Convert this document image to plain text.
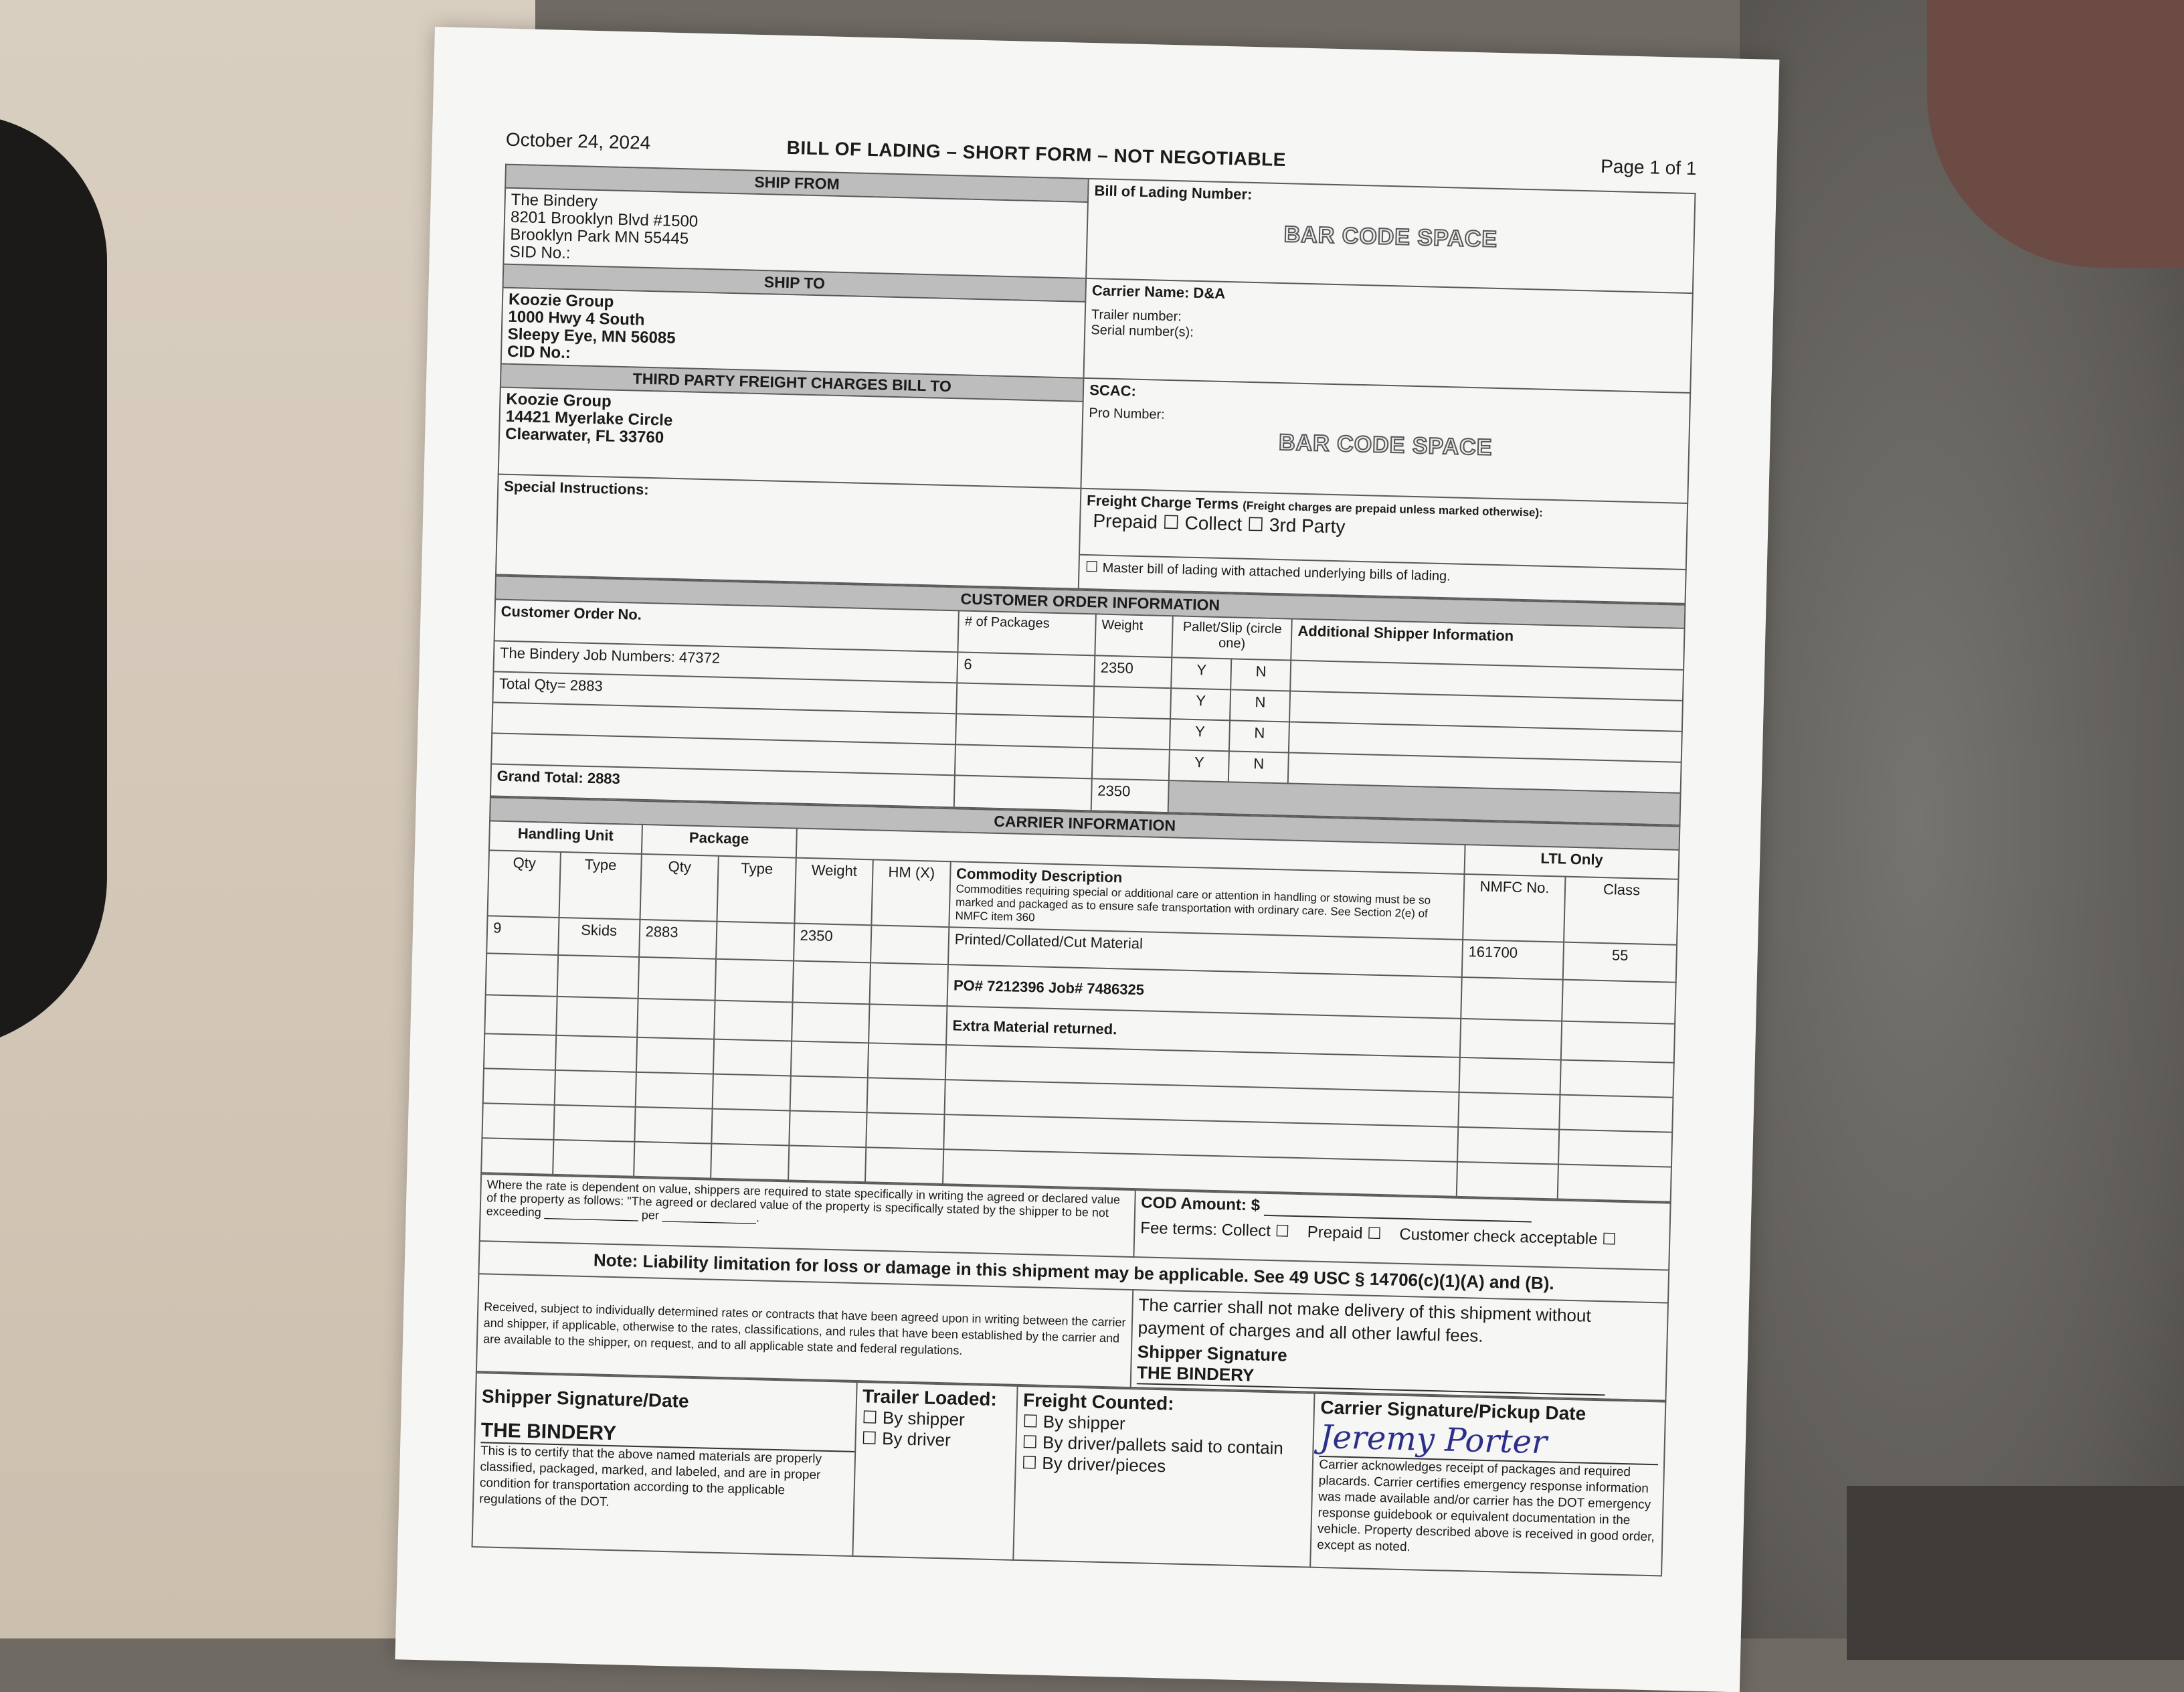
October 24, 2024	BILL OF LADING – SHORT FORM – NOT NEGOTIABLE	Page 1 of 1
SHIP FROM	Bill of Lading Number:
BAR CODE SPACE

The Bindery
8201 Brooklyn Blvd #1500
Brooklyn Park MN 55445
SID No.:	

SHIP TO	Carrier Name: D&A
Trailer number:
Serial number(s):

Koozie Group
1000 Hwy 4 South
Sleepy Eye, MN 56085
CID No.:	

THIRD PARTY FREIGHT CHARGES BILL TO	SCAC:
Pro Number:
BAR CODE SPACE

Koozie Group
14421 Myerlake Circle
Clearwater, FL 33760	

Special Instructions:	Freight Charge Terms (Freight charges are prepaid unless marked otherwise):
Prepaid ☐ Collect ☐ 3rd Party

	☐ Master bill of lading with attached underlying bills of lading.
CUSTOMER ORDER INFORMATION					
Customer Order No.	# of Packages	Weight	Pallet/Slip (circle one)		Additional Shipper Information
The Bindery Job Numbers: 47372	6	2350	Y	N	
Total Qty= 2883			Y	N	
			Y	N	
			Y	N	
Grand Total: 2883		2350			
CARRIER INFORMATION								
Handling Unit		Package					LTL Only	
Qty	Type	Qty	Type	Weight	HM (X)	Commodity Description
Commodities requiring special or additional care or attention in handling or stowing must be so marked and packaged as to ensure safe transportation with ordinary care. See Section 2(e) of NMFC item 360	NMFC No.	Class
9	Skids	2883		2350		Printed/Collated/Cut Material	161700	55
						PO# 7212396 Job# 7486325		
						Extra Material returned.		

Where the rate is dependent on value, shippers are required to state specifically in writing the agreed or declared value of the property as follows: "The agreed or declared value of the property is specifically stated by the shipper to be not exceeding ______________ per ______________.	COD Amount: $
Fee terms: Collect ☐ Prepaid ☐ Customer check acceptable ☐

Note: Liability limitation for loss or damage in this shipment may be applicable. See 49 USC § 14706(c)(1)(A) and (B).	
Received, subject to individually determined rates or contracts that have been agreed upon in writing between the carrier and shipper, if applicable, otherwise to the rates, classifications, and rules that have been established by the carrier and are available to the shipper, on request, and to all applicable state and federal regulations.	The carrier shall not make delivery of this shipment without payment of charges and all other lawful fees.
Shipper Signature THE BINDERY
Shipper Signature/Date
THE BINDERY
This is to certify that the above named materials are properly classified, packaged, marked, and labeled, and are in proper condition for transportation according to the applicable regulations of the DOT.

Trailer Loaded:
☐ By shipper
☐ By driver

Freight Counted:
☐ By shipper
☐ By driver/pallets said to contain
☐ By driver/pieces

Carrier Signature/Pickup Date
Jeremy Porter
Carrier acknowledges receipt of packages and required placards. Carrier certifies emergency response information was made available and/or carrier has the DOT emergency response guidebook or equivalent documentation in the vehicle. Property described above is received in good order, except as noted.
